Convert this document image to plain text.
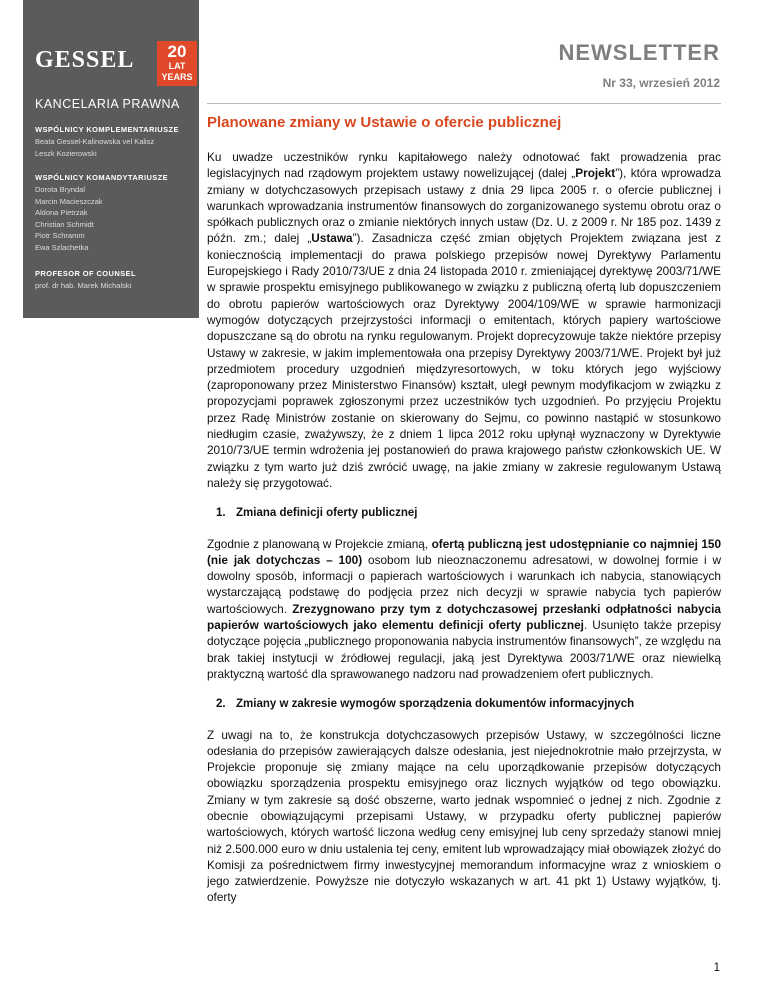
GESSEL	20
LAT
YEARS
KANCELARIA PRAWNA
WSPÓLNICY KOMPLEMENTARIUSZE
Beata Gessel-Kalinowska vel Kalisz
Leszk Kozierowski
WSPÓLNICY KOMANDYTARIUSZE
Dorota Bryndal
Marcin Macieszczak
Aldona Pietrzak
Christian Schmidt
Piotr Schramm
Ewa Szlachetka
PROFESOR OF COUNSEL
prof. dr hab. Marek Michalski
NEWSLETTER
Nr 33, wrzesień 2012
Planowane zmiany w Ustawie o ofercie publicznej

Ku uwadze uczestników rynku kapitałowego należy odnotować fakt prowadzenia prac legislacyjnych nad rządowym projektem ustawy nowelizującej (dalej „Projekt”), która wprowadza zmiany w dotychczasowych przepisach ustawy z dnia 29 lipca 2005 r. o ofercie publicznej i warunkach wprowadzania instrumentów finansowych do zorganizowanego systemu obrotu oraz o spółkach publicznych oraz o zmianie niektórych innych ustaw (Dz. U. z 2009 r. Nr 185 poz. 1439 z późn. zm.; dalej „Ustawa”). Zasadnicza część zmian objętych Projektem związana jest z koniecznością implementacji do prawa polskiego przepisów nowej Dyrektywy Parlamentu Europejskiego i Rady 2010/73/UE z dnia 24 listopada 2010 r. zmieniającej dyrektywę 2003/71/WE w sprawie prospektu emisyjnego publikowanego w związku z publiczną ofertą lub dopuszczeniem do obrotu papierów wartościowych oraz Dyrektywy 2004/109/WE w sprawie harmonizacji wymogów dotyczących przejrzystości informacji o emitentach, których papiery wartościowe dopuszczane są do obrotu na rynku regulowanym. Projekt doprecyzowuje także niektóre przepisy Ustawy w zakresie, w jakim implementowała ona przepisy Dyrektywy 2003/71/WE. Projekt był już przedmiotem procedury uzgodnień międzyresortowych, w toku których jego wyjściowy (zaproponowany przez Ministerstwo Finansów) kształt, uległ pewnym modyfikacjom w związku z propozycjami poprawek zgłoszonymi przez uczestników tych uzgodnień. Po przyjęciu Projektu przez Radę Ministrów zostanie on skierowany do Sejmu, co powinno nastąpić w stosunkowo niedługim czasie, zważywszy, że z dniem 1 lipca 2012 roku upłynął wyznaczony w Dyrektywie 2010/73/UE termin wdrożenia jej postanowień do prawa krajowego państw członkowskich UE. W związku z tym warto już dziś zwrócić uwagę, na jakie zmiany w zakresie regulowanym Ustawą należy się przygotować.

1. Zmiana definicji oferty publicznej

Zgodnie z planowaną w Projekcie zmianą, ofertą publiczną jest udostępnianie co najmniej 150 (nie jak dotychczas – 100) osobom lub nieoznaczonemu adresatowi, w dowolnej formie i w dowolny sposób, informacji o papierach wartościowych i warunkach ich nabycia, stanowiących wystarczającą podstawę do podjęcia przez nich decyzji w sprawie nabycia tych papierów wartościowych. Zrezygnowano przy tym z dotychczasowej przesłanki odpłatności nabycia papierów wartościowych jako elementu definicji oferty publicznej. Usunięto także przepisy dotyczące pojęcia „publicznego proponowania nabycia instrumentów finansowych”, ze względu na brak takiej instytucji w źródłowej regulacji, jaką jest Dyrektywa 2003/71/WE oraz niewielką praktyczną wartość dla sprawowanego nadzoru nad prowadzeniem ofert publicznych.

2. Zmiany w zakresie wymogów sporządzenia dokumentów informacyjnych

Z uwagi na to, że konstrukcja dotychczasowych przepisów Ustawy, w szczególności liczne odesłania do przepisów zawierających dalsze odesłania, jest niejednokrotnie mało przejrzysta, w Projekcie proponuje się zmiany mające na celu uporządkowanie przepisów dotyczących obowiązku sporządzenia prospektu emisyjnego oraz licznych wyjątków od tego obowiązku. Zmiany w tym zakresie są dość obszerne, warto jednak wspomnieć o jednej z nich. Zgodnie z obecnie obowiązującymi przepisami Ustawy, w przypadku oferty publicznej papierów wartościowych, których wartość liczona według ceny emisyjnej lub ceny sprzedaży stanowi mniej niż 2.500.000 euro w dniu ustalenia tej ceny, emitent lub wprowadzający miał obowiązek złożyć do Komisji za pośrednictwem firmy inwestycyjnej memorandum informacyjne wraz z wnioskiem o jego zatwierdzenie. Powyższe nie dotyczyło wskazanych w art. 41 pkt 1) Ustawy wyjątków, tj. oferty

1
